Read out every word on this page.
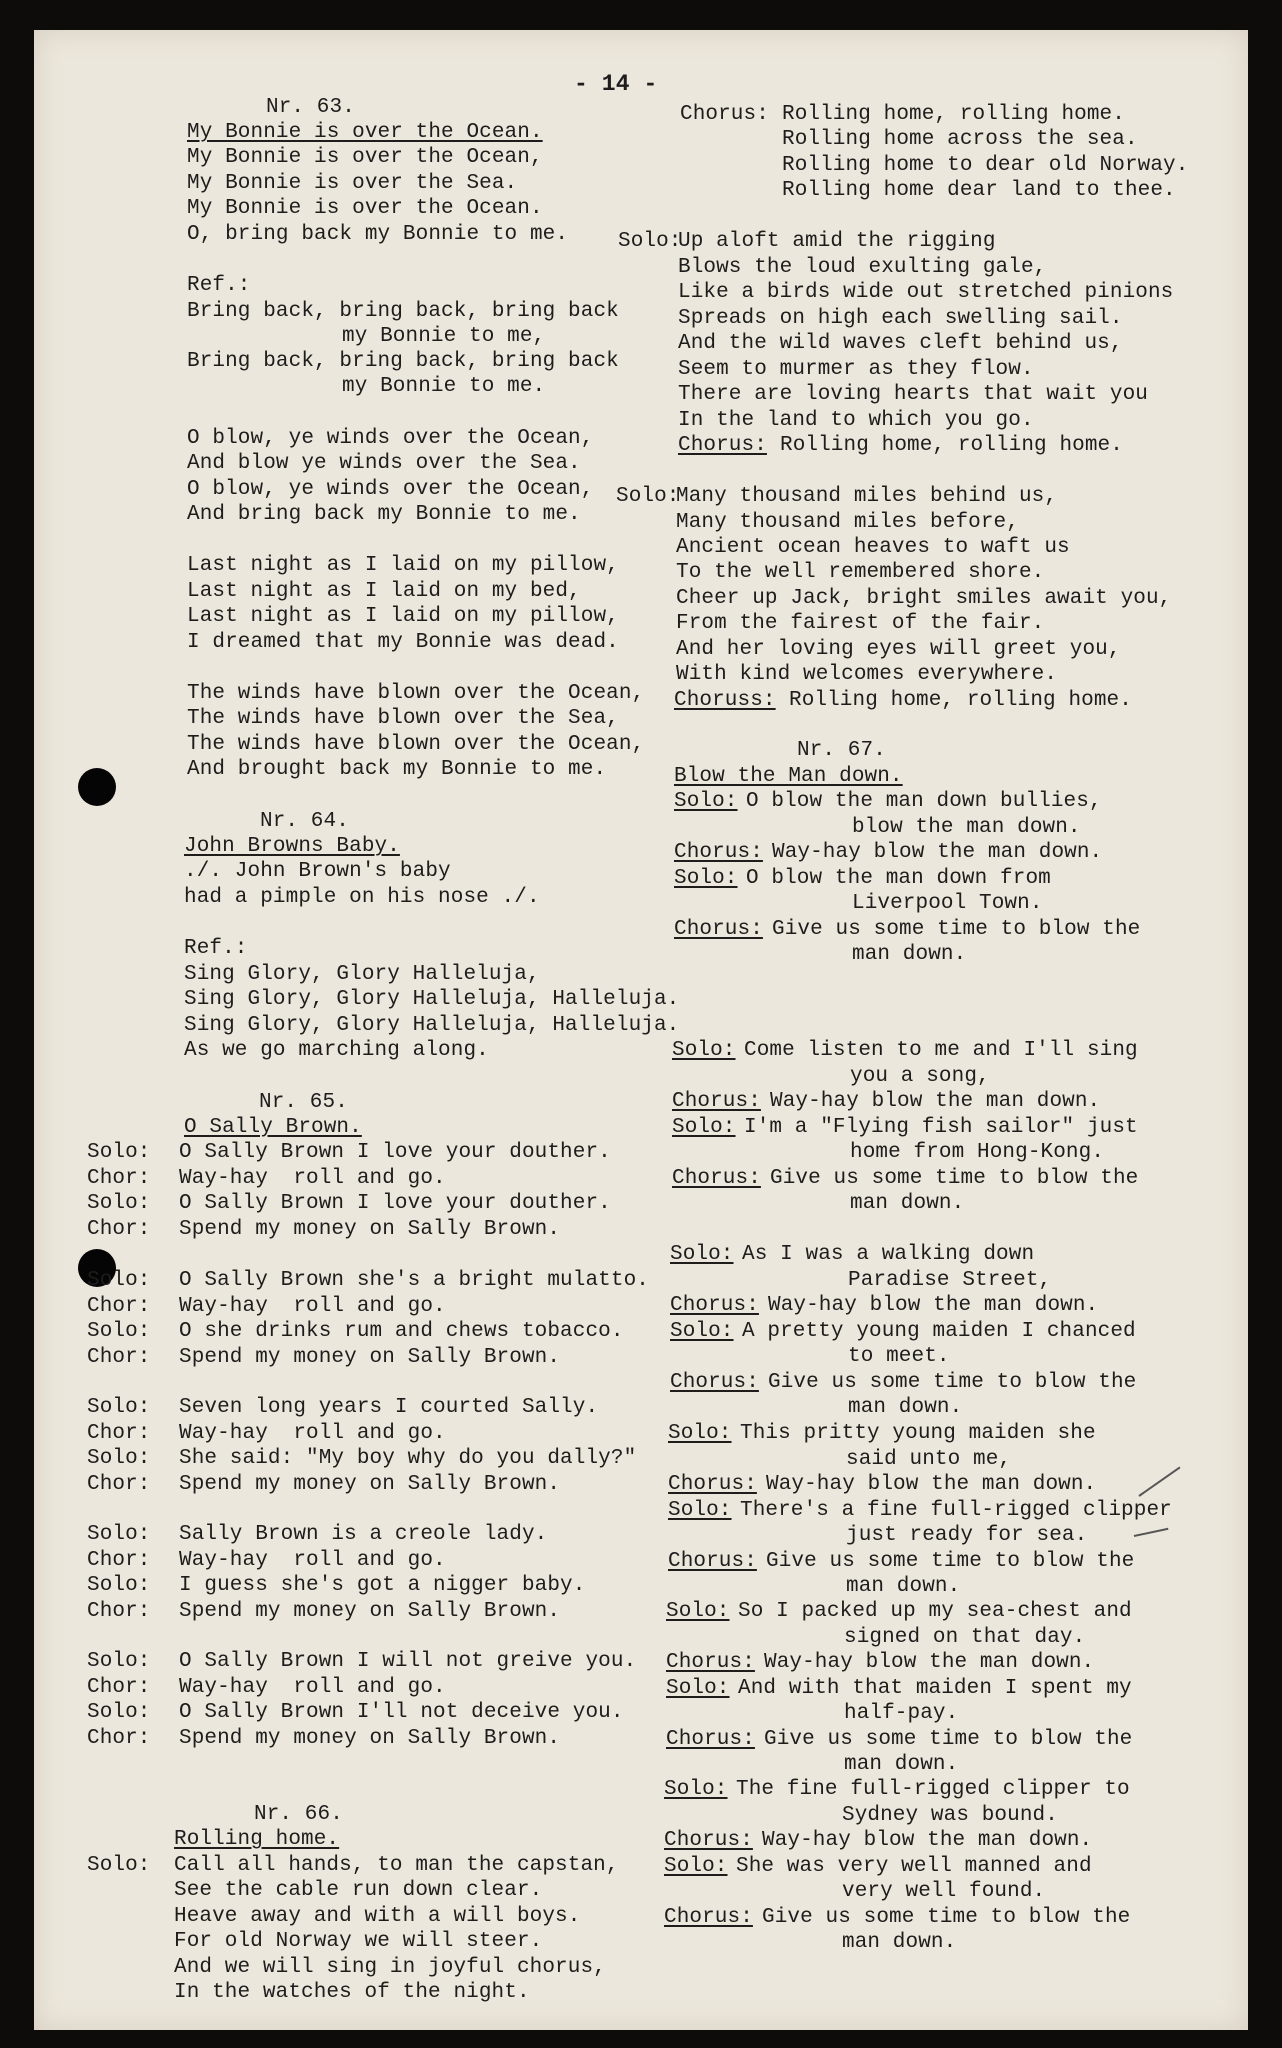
- 14 -
Nr. 63.
My Bonnie is over the Ocean.
My Bonnie is over the Ocean,
My Bonnie is over the Sea.
My Bonnie is over the Ocean.
O, bring back my Bonnie to me.
Ref.:
Bring back, bring back, bring back
my Bonnie to me,
Bring back, bring back, bring back
my Bonnie to me.
O blow, ye winds over the Ocean,
And blow ye winds over the Sea.
O blow, ye winds over the Ocean,
And bring back my Bonnie to me.
Last night as I laid on my pillow,
Last night as I laid on my bed,
Last night as I laid on my pillow,
I dreamed that my Bonnie was dead.
The winds have blown over the Ocean,
The winds have blown over the Sea,
The winds have blown over the Ocean,
And brought back my Bonnie to me.
Nr. 64.
John Browns Baby.
./. John Brown's baby
had a pimple on his nose ./.
Ref.:
Sing Glory, Glory Halleluja,
Sing Glory, Glory Halleluja, Halleluja.
Sing Glory, Glory Halleluja, Halleluja.
As we go marching along.
Nr. 65.
O Sally Brown.
Nr. 66.
Rolling home.
Solo: Call all hands, to man the capstan,
See the cable run down clear.
Heave away and with a will boys.
For old Norway we will steer.
And we will sing in joyful chorus,
In the watches of the night.
Chorus: Rolling home, rolling home.
Rolling home across the sea.
Rolling home to dear old Norway.
Rolling home dear land to thee.
Solo:
Up aloft amid the rigging
Blows the loud exulting gale,
Like a birds wide out stretched pinions
Spreads on high each swelling sail.
And the wild waves cleft behind us,
Seem to murmer as they flow.
There are loving hearts that wait you
In the land to which you go.
Chorus: Rolling home, rolling home.
Solo:
Many thousand miles behind us,
Many thousand miles before,
Ancient ocean heaves to waft us
To the well remembered shore.
Cheer up Jack, bright smiles await you,
From the fairest of the fair.
And her loving eyes will greet you,
With kind welcomes everywhere.
Choruss: Rolling home, rolling home.
Nr. 67.
Blow the Man down.
Solo: O Sally Brown I love your douther.
Chor: Way-hay  roll and go.
Solo: O Sally Brown I love your douther.
Chor: Spend my money on Sally Brown.
Solo: O Sally Brown she's a bright mulatto.
Chor: Way-hay  roll and go.
Solo: O she drinks rum and chews tobacco.
Chor: Spend my money on Sally Brown.
Solo: Seven long years I courted Sally.
Chor: Way-hay  roll and go.
Solo: She said: "My boy why do you dally?"
Chor: Spend my money on Sally Brown.
Solo: Sally Brown is a creole lady.
Chor: Way-hay  roll and go.
Solo: I guess she's got a nigger baby.
Chor: Spend my money on Sally Brown.
Solo: O Sally Brown I will not greive you.
Chor: Way-hay  roll and go.
Solo: O Sally Brown I'll not deceive you.
Chor: Spend my money on Sally Brown.
Solo: O blow the man down bullies,
blow the man down.
Chorus: Way-hay blow the man down.
Solo: O blow the man down from
Liverpool Town.
Chorus: Give us some time to blow the
man down.
Solo: Come listen to me and I'll sing
you a song,
Chorus: Way-hay blow the man down.
Solo: I'm a "Flying fish sailor" just
home from Hong-Kong.
Chorus: Give us some time to blow the
man down.
Solo: As I was a walking down
Paradise Street,
Chorus: Way-hay blow the man down.
Solo: A pretty young maiden I chanced
to meet.
Chorus: Give us some time to blow the
man down.
Solo: This pritty young maiden she
said unto me,
Chorus: Way-hay blow the man down.
Solo: There's a fine full-rigged clipper
just ready for sea.
Chorus: Give us some time to blow the
man down.
Solo: So I packed up my sea-chest and
signed on that day.
Chorus: Way-hay blow the man down.
Solo: And with that maiden I spent my
half-pay.
Chorus: Give us some time to blow the
man down.
Solo: The fine full-rigged clipper to
Sydney was bound.
Chorus: Way-hay blow the man down.
Solo: She was very well manned and
very well found.
Chorus: Give us some time to blow the
man down.
